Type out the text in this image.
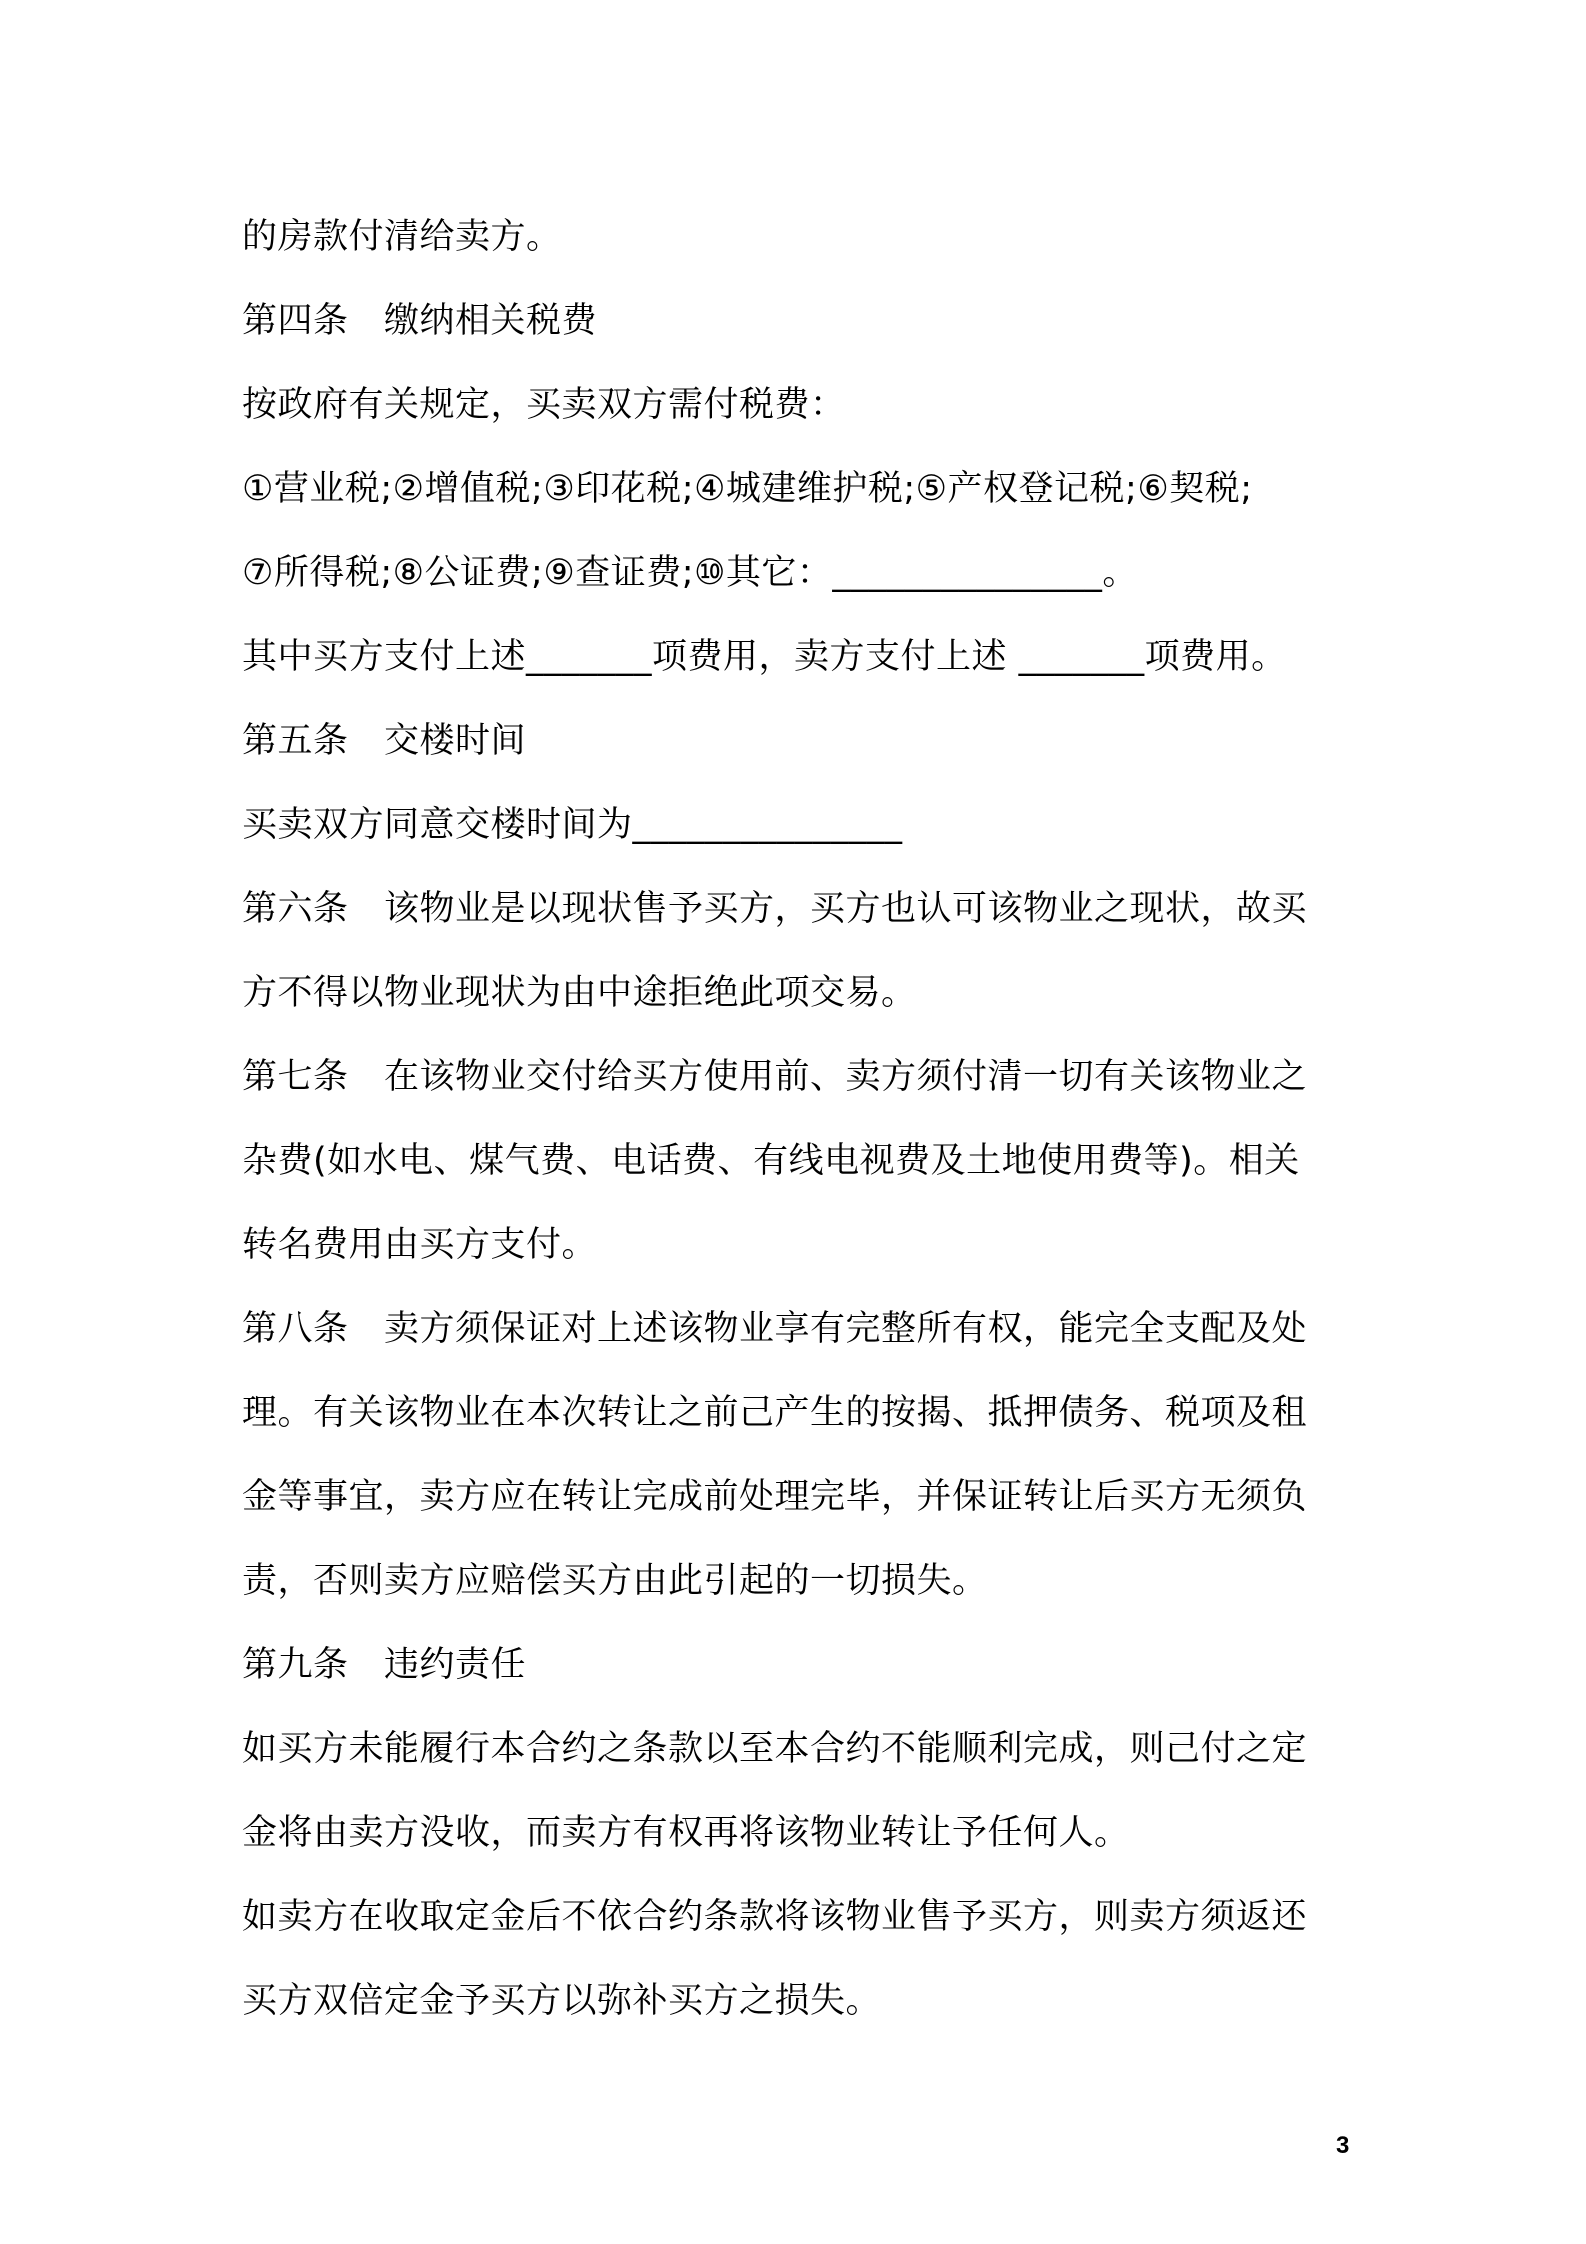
的房款付清给卖方。
第四条　缴纳相关税费
按政府有关规定，买卖双方需付税费：
①营业税;②增值税;③印花税;④城建维护税;⑤产权登记税;⑥契税;
⑦所得税;⑧公证费;⑨查证费;⑩其它：_______________。
其中买方支付上述_______项费用，卖方支付上述 _______项费用。
第五条　交楼时间
买卖双方同意交楼时间为_______________
第六条　该物业是以现状售予买方，买方也认可该物业之现状，故买
方不得以物业现状为由中途拒绝此项交易。
第七条　在该物业交付给买方使用前、卖方须付清一切有关该物业之
杂费(如水电、煤气费、电话费、有线电视费及土地使用费等)。相关
转名费用由买方支付。
第八条　卖方须保证对上述该物业享有完整所有权，能完全支配及处
理。有关该物业在本次转让之前己产生的按揭、抵押债务、税项及租
金等事宜，卖方应在转让完成前处理完毕，并保证转让后买方无须负
责，否则卖方应赔偿买方由此引起的一切损失。
第九条　违约责任
如买方未能履行本合约之条款以至本合约不能顺利完成，则己付之定
金将由卖方没收，而卖方有权再将该物业转让予任何人。
如卖方在收取定金后不依合约条款将该物业售予买方，则卖方须返还
买方双倍定金予买方以弥补买方之损失。
3
